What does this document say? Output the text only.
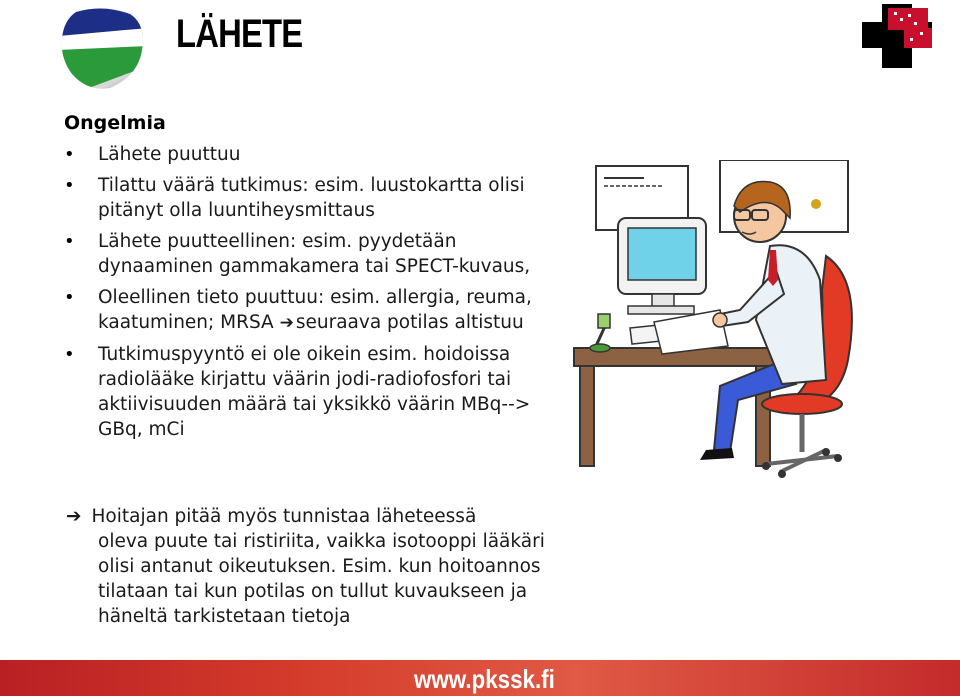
LÄHETE
Ongelmia
• Lähete puuttuu
• Tilattu väärä tutkimus: esim. luustokartta olisi pitänyt olla luuntiheysmittaus
• Lähete puutteellinen: esim. pyydetään dynaaminen gammakamera tai SPECT-kuvaus,
• Oleellinen tieto puuttuu: esim. allergia, reuma, kaatuminen; MRSA ➔ seuraava potilas altistuu
• Tutkimuspyyntö ei ole oikein esim. hoidoissa radiolääke kirjattu väärin jodi-radiofosfori tai aktiivisuuden määrä tai yksikkö väärin MBq--> GBq, mCi
➔ Hoitajan pitää myös tunnistaa läheteessä
oleva puute tai ristiriita, vaikka isotooppi lääkäri olisi antanut oikeutuksen. Esim. kun hoitoannos tilataan tai kun potilas on tullut kuvaukseen ja häneltä tarkistetaan tietoja
www.pkssk.fi
